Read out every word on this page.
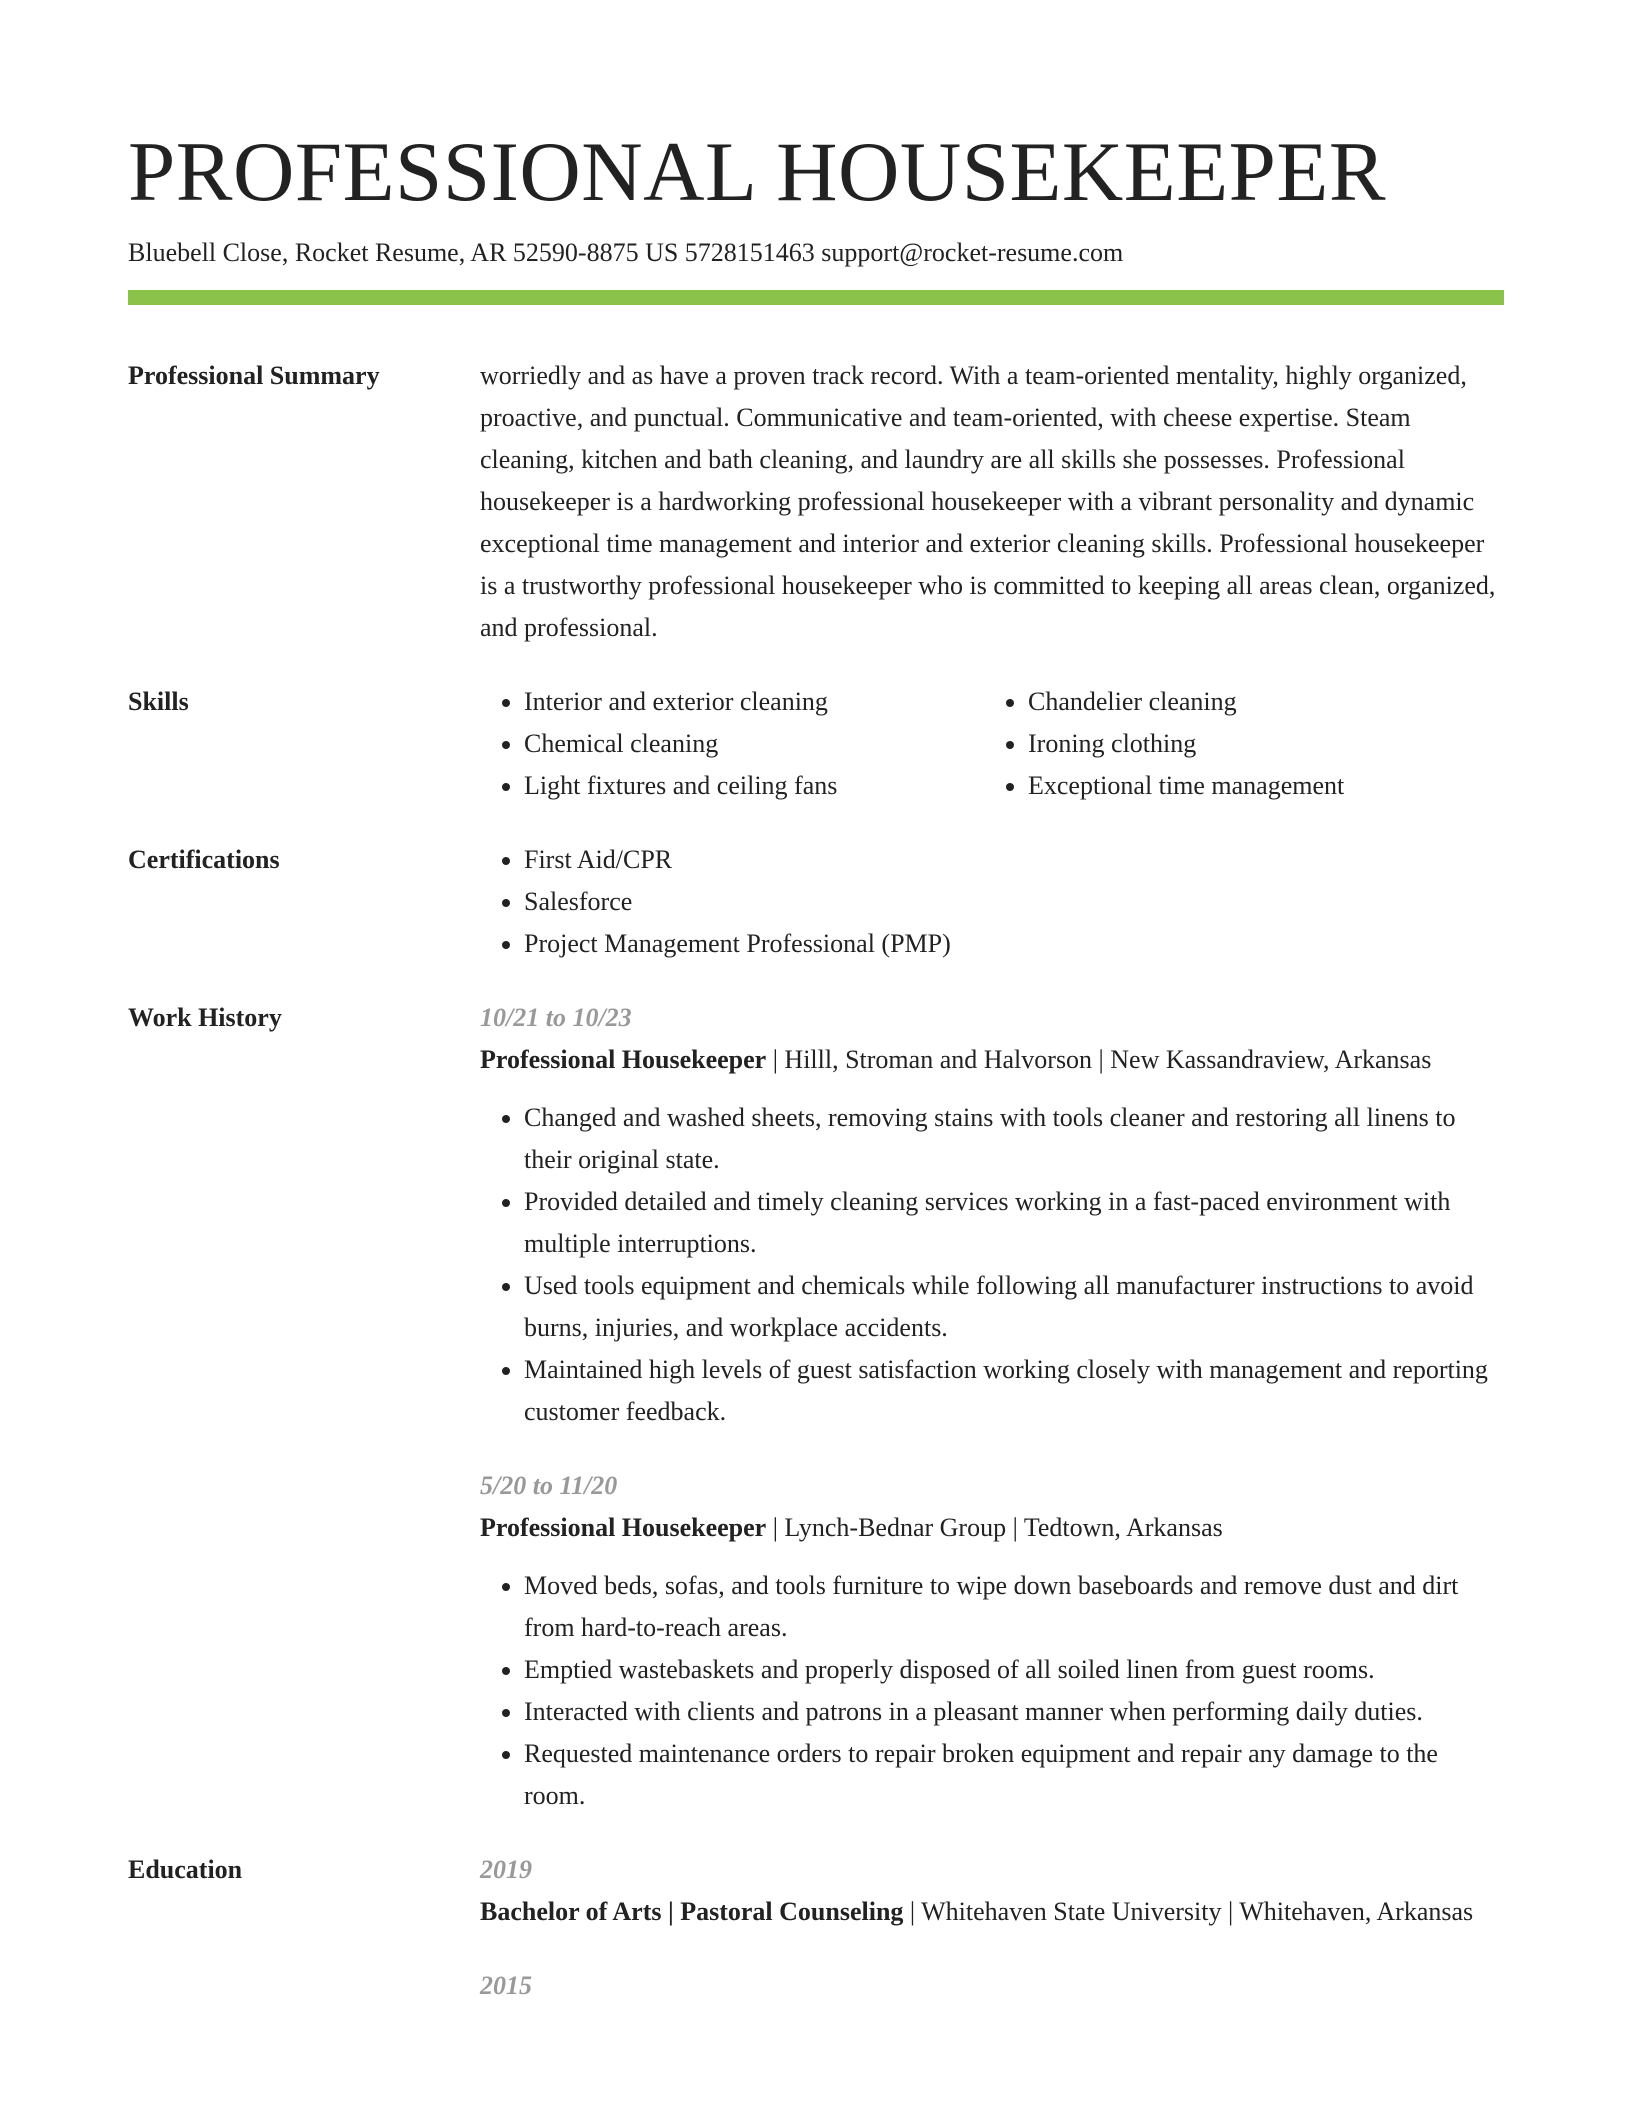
PROFESSIONAL HOUSEKEEPER
Bluebell Close, Rocket Resume, AR 52590-8875 US 5728151463 support@rocket-resume.com
Professional Summary	worriedly and as have a proven track record. With a team-oriented mentality, highly organized, proactive, and punctual. Communicative and team-oriented, with cheese expertise. Steam cleaning, kitchen and bath cleaning, and laundry are all skills she possesses. Professional housekeeper is a hardworking professional housekeeper with a vibrant personality and dynamic exceptional time management and interior and exterior cleaning skills. Professional housekeeper is a trustworthy professional housekeeper who is committed to keeping all areas clean, organized, and professional.

Skills	• Interior and exterior cleaning
• Chemical cleaning
• Light fixtures and ceiling fans
• Chandelier cleaning
• Ironing clothing
• Exceptional time management
Certifications	• First Aid/CPR
• Salesforce
• Project Management Professional (PMP)
Work History	10/21 to 10/23

Professional Housekeeper | Hilll, Stroman and Halvorson | New Kassandraview, Arkansas

• Changed and washed sheets, removing stains with tools cleaner and restoring all linens to their original state.
• Provided detailed and timely cleaning services working in a fast-paced environment with multiple interruptions.
• Used tools equipment and chemicals while following all manufacturer instructions to avoid burns, injuries, and workplace accidents.
• Maintained high levels of guest satisfaction working closely with management and reporting customer feedback.
5/20 to 11/20

Professional Housekeeper | Lynch-Bednar Group | Tedtown, Arkansas

• Moved beds, sofas, and tools furniture to wipe down baseboards and remove dust and dirt from hard-to-reach areas.
• Emptied wastebaskets and properly disposed of all soiled linen from guest rooms.
• Interacted with clients and patrons in a pleasant manner when performing daily duties.
• Requested maintenance orders to repair broken equipment and repair any damage to the room.
Education	2019

Bachelor of Arts | Pastoral Counseling | Whitehaven State University | Whitehaven, Arkansas

2015
